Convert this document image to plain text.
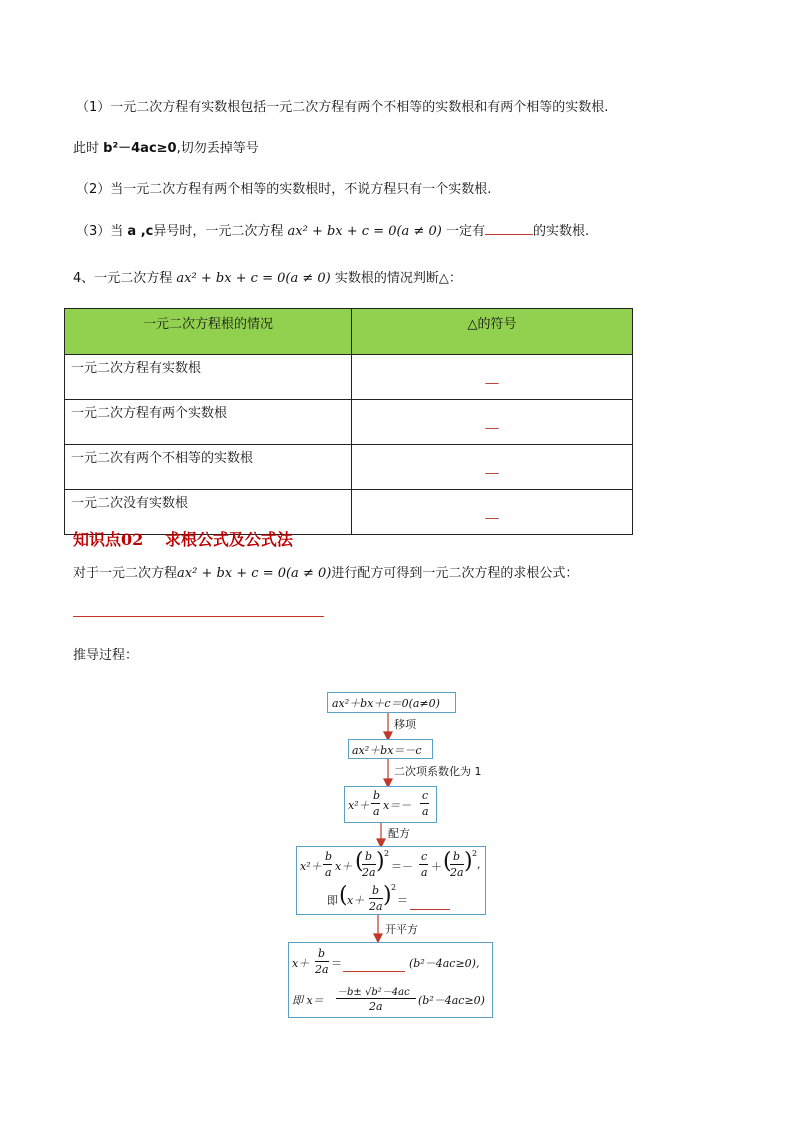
（1）一元二次方程有实数根包括一元二次方程有两个不相等的实数根和有两个相等的实数根.
此时 b²－4ac≥0,切勿丢掉等号
（2）当一元二次方程有两个相等的实数根时，不说方程只有一个实数根.
（3）当 a ,c异号时，一元二次方程 ax² + bx + c = 0(a ≠ 0) 一定有	的实数根.
4、一元二次方程 ax² + bx + c = 0(a ≠ 0) 实数根的情况判断△：
一元二次方程根的情况	△的符号
一元二次方程有实数根	__
一元二次方程有两个实数根	__
一元二次有两个不相等的实数根	__
一元二次没有实数根	__
知识点02　 求根公式及公式法
对于一元二次方程ax² + bx + c = 0(a ≠ 0)进行配方可得到一元二次方程的求根公式：
推导过程：
ax²＋bx＋c＝0(a≠0)
移项
ax²＋bx＝－c
二次项系数化为 1
x²＋
b
a x＝－
c
a
配方
x²＋
b
a x＋ ( b
2a ) 2
＝－
c
a ＋ ( b
2a ) 2
,
即 ( x＋
b
2a ) 2
＝
开平方
x＋
b
2a ＝	(b²－4ac≥0),
即 x＝
－b± √b²－4ac
2a	(b²－4ac≥0)
